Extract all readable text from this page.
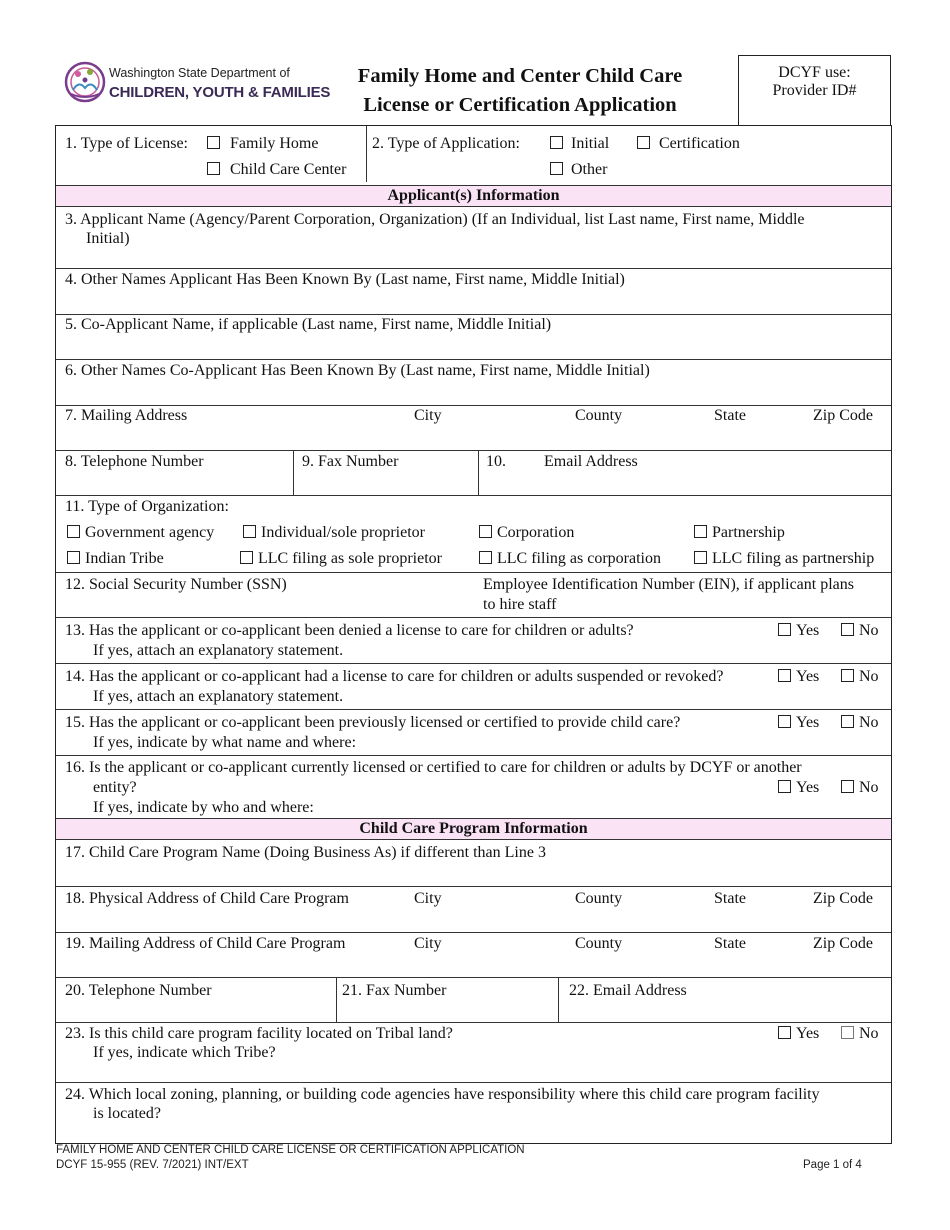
Washington State Department of
CHILDREN, YOUTH & FAMILIES
Family Home and Center Child Care
License or Certification Application
DCYF use:
Provider ID#
1. Type of License:	Family Home
Child Care Center
2. Type of Application:	Initial	Certification
Other
Applicant(s) Information
3. Applicant Name (Agency/Parent Corporation, Organization) (If an Individual, list Last name, First name, Middle
Initial)
4. Other Names Applicant Has Been Known By (Last name, First name, Middle Initial)
5. Co-Applicant Name, if applicable (Last name, First name, Middle Initial)
6. Other Names Co-Applicant Has Been Known By (Last name, First name, Middle Initial)
7. Mailing Address	City	County	State	Zip Code
8. Telephone Number	9. Fax Number	10. Email Address
11. Type of Organization:
Government agency	Individual/sole proprietor	Corporation	Partnership
Indian Tribe	LLC filing as sole proprietor	LLC filing as corporation	LLC filing as partnership
12. Social Security Number (SSN)	Employee Identification Number (EIN), if applicant plans
to hire staff
13. Has the applicant or co-applicant been denied a license to care for children or adults?
If yes, attach an explanatory statement.
Yes	No
14. Has the applicant or co-applicant had a license to care for children or adults suspended or revoked?
If yes, attach an explanatory statement.
Yes	No
15. Has the applicant or co-applicant been previously licensed or certified to provide child care?
If yes, indicate by what name and where:
Yes	No
16. Is the applicant or co-applicant currently licensed or certified to care for children or adults by DCYF or another
entity?
If yes, indicate by who and where:
Yes	No
Child Care Program Information
17. Child Care Program Name (Doing Business As) if different than Line 3
18. Physical Address of Child Care Program	City	County	State	Zip Code
19. Mailing Address of Child Care Program	City	County	State	Zip Code
20. Telephone Number	21. Fax Number	22. Email Address
23. Is this child care program facility located on Tribal land?
If yes, indicate which Tribe?
Yes	No
24. Which local zoning, planning, or building code agencies have responsibility where this child care program facility
is located?
FAMILY HOME AND CENTER CHILD CARE LICENSE OR CERTIFICATION APPLICATION
DCYF 15-955 (REV. 7/2021) INT/EXT	Page 1 of 4
